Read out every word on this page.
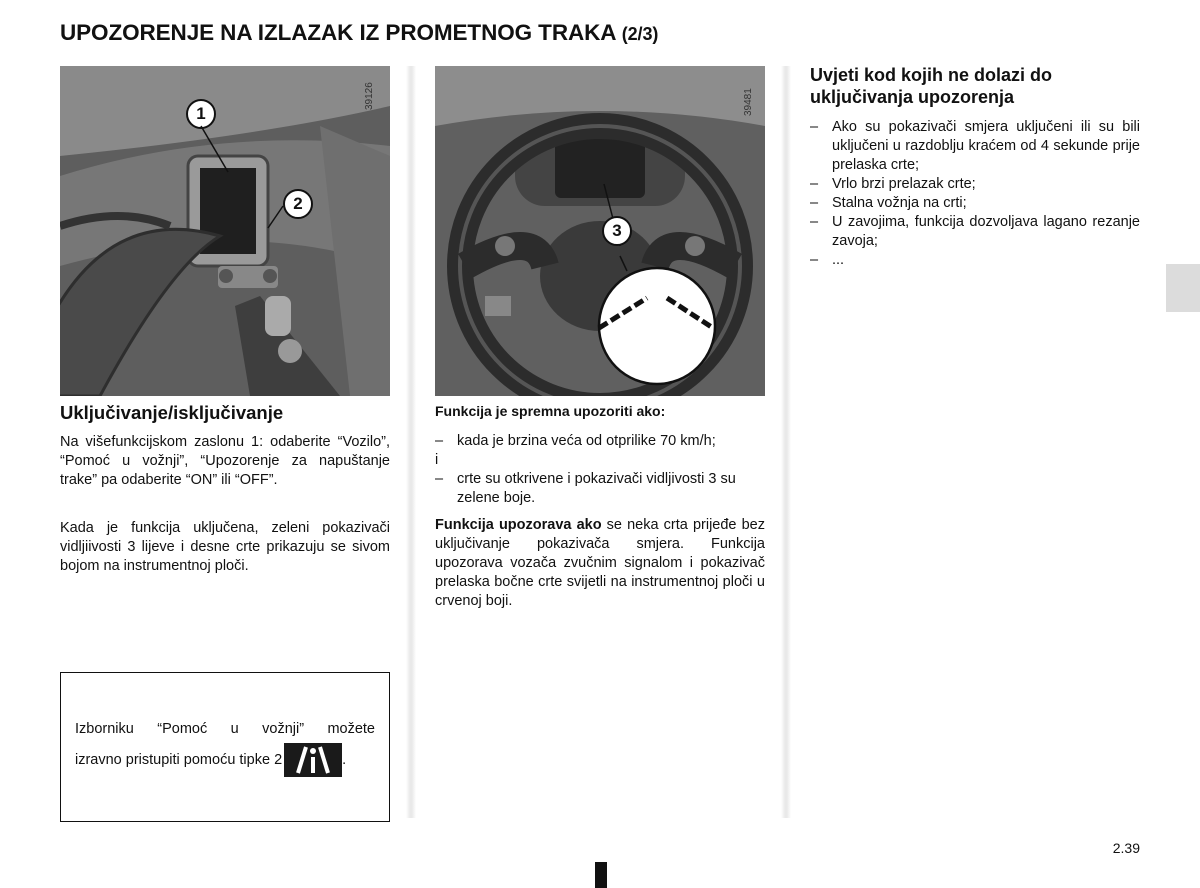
UPOZORENJE NA IZLAZAK IZ PROMETNOG TRAKA (2/3)
39126
1
2
39481
3
Uključivanje/isključivanje

Na višefunkcijskom zaslonu 1: odaberite “Vozilo”, “Pomoć u vožnji”, “Upozorenje za napuštanje trake” pa odaberite “ON” ili “OFF”.

Kada je funkcija uključena, zeleni pokazivači vidljiivosti 3 lijeve i desne crte prikazuju se sivom bojom na instrumentnoj ploči.

Izborniku “Pomoć u vožnji” možete
izravno pristupiti pomoću tipke 2	.
Funkcija je spremna upozoriti ako:
– kada je brzina veća od otprilike 70 km/h;
i
– crte su otkrivene i pokazivači vidljivosti 3 su zelene boje.

Funkcija upozorava ako se neka crta prijeđe bez uključivanje pokazivača smjera. Funkcija upozorava vozača zvučnim signalom i pokazivač prelaska bočne crte svijetli na instrumentnoj ploči u crvenoj boji.

Uvjeti kod kojih ne dolazi do uključivanja upozorenja
– Ako su pokazivači smjera uključeni ili su bili uključeni u razdoblju kraćem od 4 sekunde prije prelaska crte;
– Vrlo brzi prelazak crte;
– Stalna vožnja na crti;
– U zavojima, funkcija dozvoljava lagano rezanje zavoja;
– ...
2.39
